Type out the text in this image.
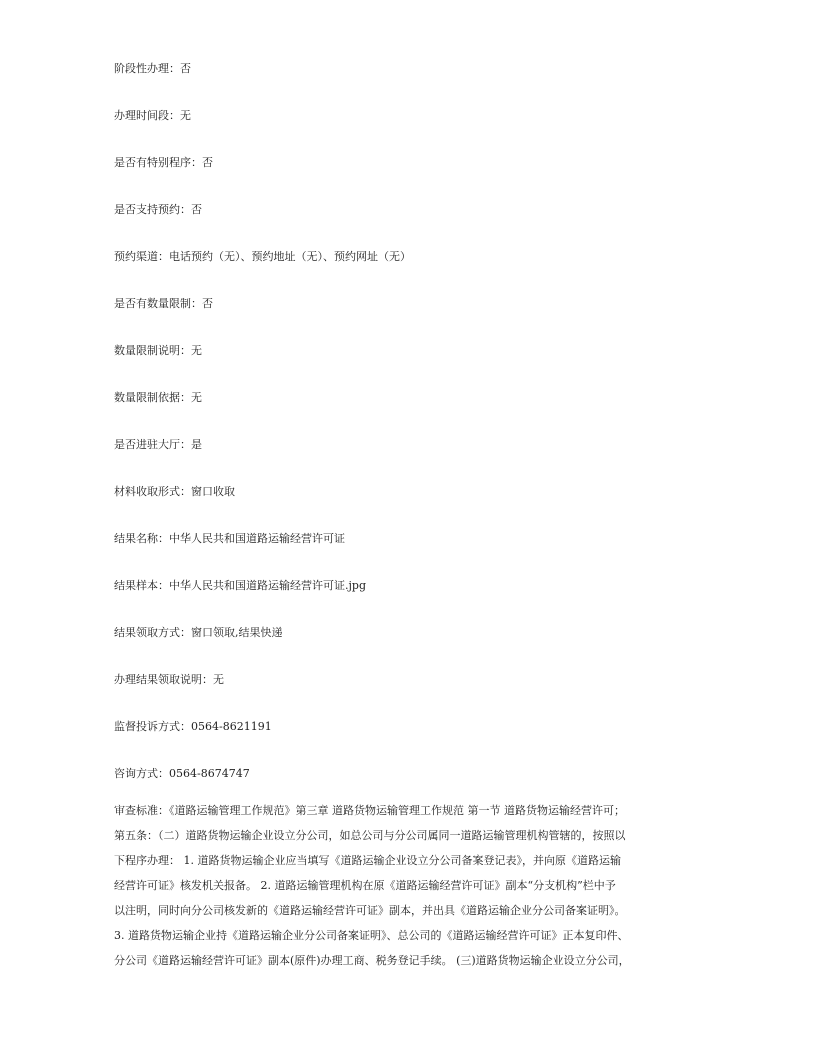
阶段性办理：否

办理时间段：无

是否有特别程序：否

是否支持预约：否

预约渠道：电话预约（无）、预约地址（无）、预约网址（无）

是否有数量限制：否

数量限制说明：无

数量限制依据：无

是否进驻大厅：是

材料收取形式：窗口收取

结果名称：中华人民共和国道路运输经营许可证

结果样本：中华人民共和国道路运输经营许可证.jpg

结果领取方式：窗口领取,结果快递

办理结果领取说明：无

监督投诉方式：0564-8621191

咨询方式：0564-8674747

审查标准：《道路运输管理工作规范》第三章 道路货物运输管理工作规范 第一节 道路货物运输经营许可；
第五条：（二）道路货物运输企业设立分公司，如总公司与分公司属同一道路运输管理机构管辖的，按照以
下程序办理： 1. 道路货物运输企业应当填写《道路运输企业设立分公司备案登记表》，并向原《道路运输
经营许可证》核发机关报备。 2. 道路运输管理机构在原《道路运输经营许可证》副本“分支机构”栏中予
以注明，同时向分公司核发新的《道路运输经营许可证》副本，并出具《道路运输企业分公司备案证明》。
3. 道路货物运输企业持《道路运输企业分公司备案证明》、总公司的《道路运输经营许可证》正本复印件、
分公司《道路运输经营许可证》副本(原件)办理工商、税务登记手续。 (三)道路货物运输企业设立分公司，
